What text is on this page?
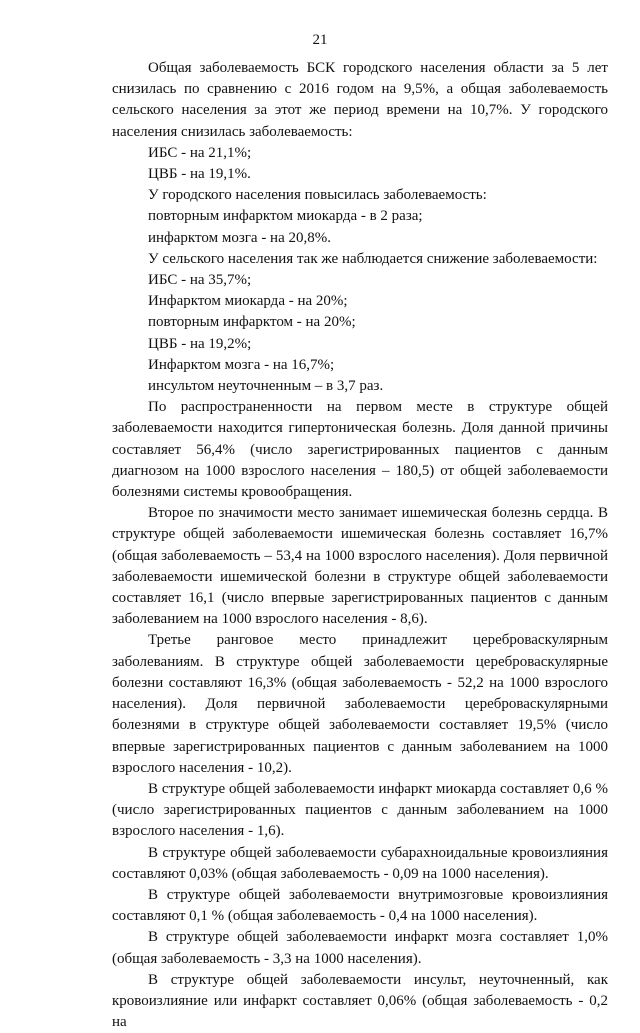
21

Общая заболеваемость БСК городского населения области за 5 лет снизилась по сравнению с 2016 годом на 9,5%, а общая заболеваемость сельского населения за этот же период времени на 10,7%. У городского населения снизилась заболеваемость:

ИБС - на 21,1%;

ЦВБ - на 19,1%.

У городского населения повысилась заболеваемость:

повторным инфарктом миокарда - в 2 раза;

инфарктом мозга - на 20,8%.

У сельского населения так же наблюдается снижение заболеваемости:

ИБС - на 35,7%;

Инфарктом миокарда - на 20%;

повторным инфарктом - на 20%;

ЦВБ - на 19,2%;

Инфарктом мозга - на 16,7%;

инсультом неуточненным – в 3,7 раз.

По распространенности на первом месте в структуре общей заболеваемости находится гипертоническая болезнь. Доля данной причины составляет 56,4% (число зарегистрированных пациентов с данным диагнозом на 1000 взрослого населения – 180,5) от общей заболеваемости болезнями системы кровообращения.

Второе по значимости место занимает ишемическая болезнь сердца. В структуре общей заболеваемости ишемическая болезнь составляет 16,7% (общая заболеваемость – 53,4 на 1000 взрослого населения). Доля первичной заболеваемости ишемической болезни в структуре общей заболеваемости составляет 16,1 (число впервые зарегистрированных пациентов с данным заболеванием на 1000 взрослого населения - 8,6).

Третье ранговое место принадлежит цереброваскулярным заболеваниям. В структуре общей заболеваемости цереброваскулярные болезни составляют 16,3% (общая заболеваемость - 52,2 на 1000 взрослого населения). Доля первичной заболеваемости цереброваскулярными болезнями в структуре общей заболеваемости составляет 19,5% (число впервые зарегистрированных пациентов с данным заболеванием на 1000 взрослого населения - 10,2).

В структуре общей заболеваемости инфаркт миокарда составляет 0,6 % (число зарегистрированных пациентов с данным заболеванием на 1000 взрослого населения - 1,6).

В структуре общей заболеваемости субарахноидальные кровоизлияния составляют 0,03% (общая заболеваемость - 0,09 на 1000 населения).

В структуре общей заболеваемости внутримозговые кровоизлияния составляют 0,1 % (общая заболеваемость - 0,4 на 1000 населения).

В структуре общей заболеваемости инфаркт мозга составляет 1,0% (общая заболеваемость - 3,3 на 1000 населения).

В структуре общей заболеваемости инсульт, неуточненный, как кровоизлияние или инфаркт составляет 0,06% (общая заболеваемость - 0,2 на
